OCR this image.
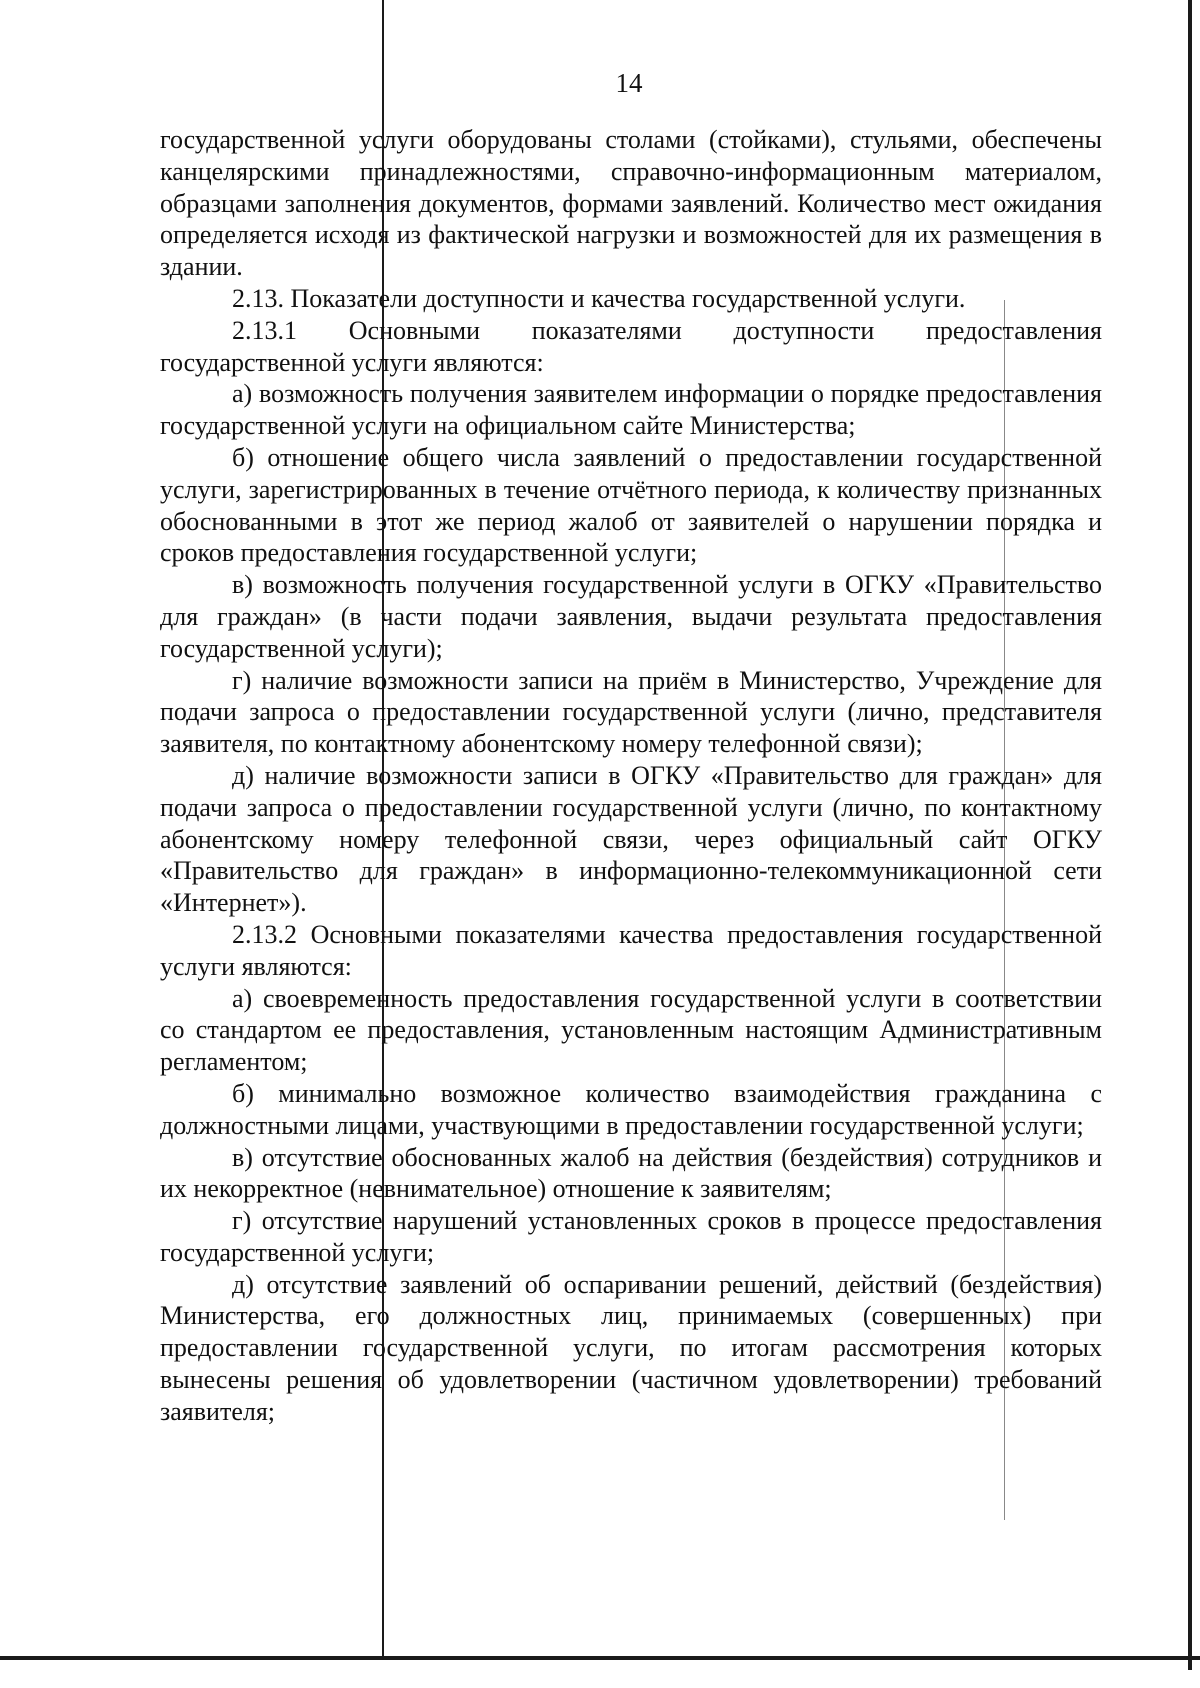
14

государственной услуги оборудованы столами (стойками), стульями, обеспечены канцелярскими принадлежностями, справочно-информационным материалом, образцами заполнения документов, формами заявлений. Количество мест ожидания определяется исходя из фактической нагрузки и возможностей для их размещения в здании.

2.13. Показатели доступности и качества государственной услуги.

2.13.1 Основными показателями доступности предоставления государственной услуги являются:

а) возможность получения заявителем информации о порядке предоставления государственной услуги на официальном сайте Министерства;

б) отношение общего числа заявлений о предоставлении государственной услуги, зарегистрированных в течение отчётного периода, к количеству признанных обоснованными в этот же период жалоб от заявителей о нарушении порядка и сроков предоставления государственной услуги;

в) возможность получения государственной услуги в ОГКУ «Правительство для граждан» (в части подачи заявления, выдачи результата предоставления государственной услуги);

г) наличие возможности записи на приём в Министерство, Учреждение для подачи запроса о предоставлении государственной услуги (лично, представителя заявителя, по контактному абонентскому номеру телефонной связи);

д) наличие возможности записи в ОГКУ «Правительство для граждан» для подачи запроса о предоставлении государственной услуги (лично, по контактному абонентскому номеру телефонной связи, через официальный сайт ОГКУ «Правительство для граждан» в информационно-телекоммуникационной сети «Интернет»).

2.13.2 Основными показателями качества предоставления государственной услуги являются:

а) своевременность предоставления государственной услуги в соответствии со стандартом ее предоставления, установленным настоящим Административным регламентом;

б) минимально возможное количество взаимодействия гражданина с должностными лицами, участвующими в предоставлении государственной услуги;

в) отсутствие обоснованных жалоб на действия (бездействия) сотрудников и их некорректное (невнимательное) отношение к заявителям;

г) отсутствие нарушений установленных сроков в процессе предоставления государственной услуги;

д) отсутствие заявлений об оспаривании решений, действий (бездействия) Министерства, его должностных лиц, принимаемых (совершенных) при предоставлении государственной услуги, по итогам рассмотрения которых вынесены решения об удовлетворении (частичном удовлетворении) требований заявителя;
